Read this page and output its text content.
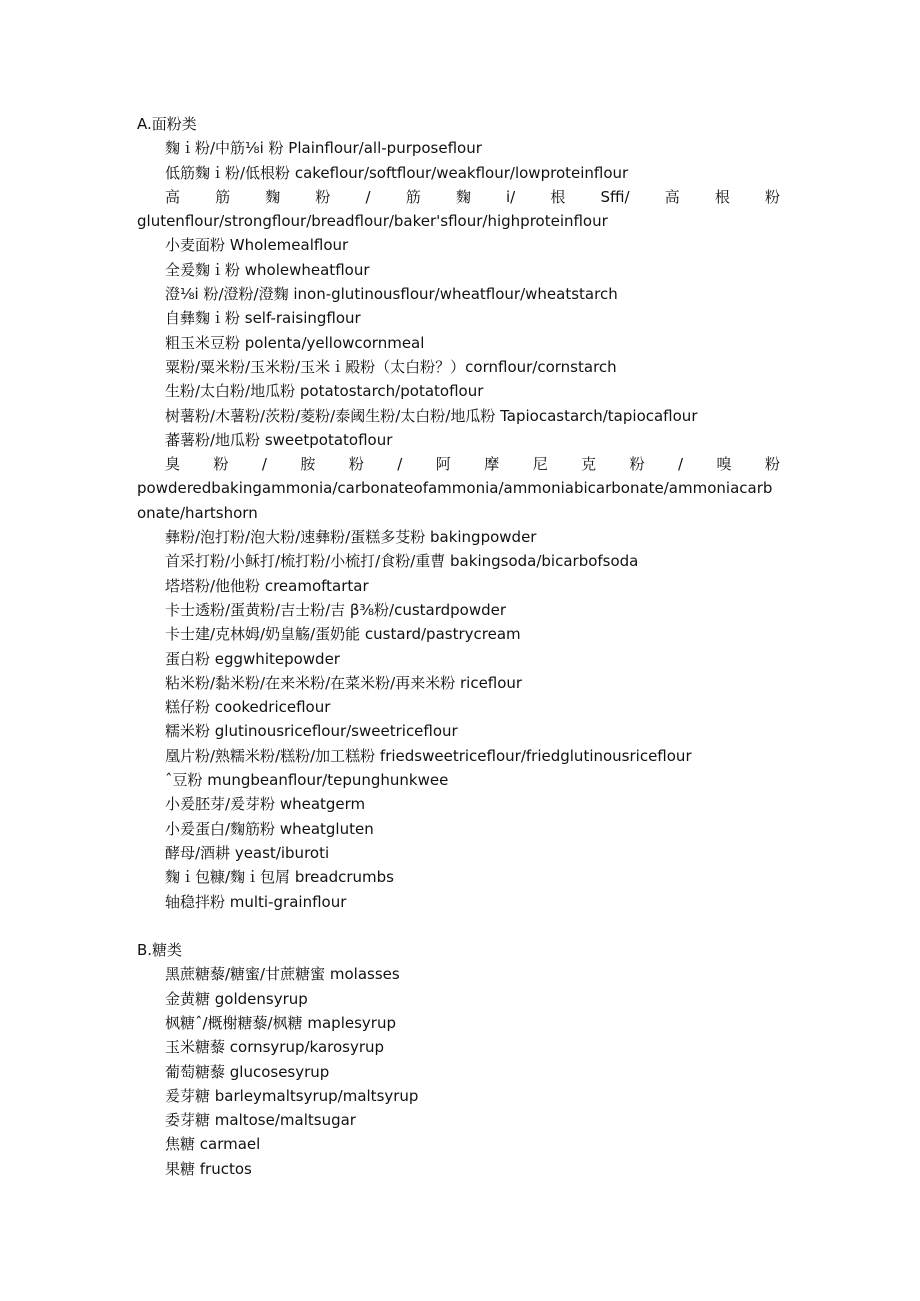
A.面粉类
麴ｉ粉/中筋⅛i 粉 Plainflour/all-purposeflour
低筋麴ｉ粉/低根粉 cakeflour/softflour/weakflour/lowproteinflour
高　筋　麴　粉　/　筋　麴　i/　根　Sffi/　高　根　粉
glutenflour/strongflour/breadflour/baker'sflour/highproteinflour
小麦面粉 Wholemealflour
全爰麴ｉ粉 wholewheatflour
澄⅛i 粉/澄粉/澄麴 inon-glutinousflour/wheatflour/wheatstarch
自彝麴ｉ粉 self-raisingflour
粗玉米豆粉 polenta/yellowcornmeal
粟粉/粟米粉/玉米粉/玉米ｉ殿粉（太白粉？）cornflour/cornstarch
生粉/太白粉/地瓜粉 potatostarch/potatoflour
树薯粉/木薯粉/茨粉/菱粉/泰阈生粉/太白粉/地瓜粉 Tapiocastarch/tapiocaflour
蕃薯粉/地瓜粉 sweetpotatoflour
臭　粉　/　胺　粉　/　阿　摩　尼　克　粉　/　嗅　粉
powderedbakingammonia/carbonateofammonia/ammoniabicarbonate/ammoniacarbonate/hartshorn
彝粉/泡打粉/泡大粉/速彝粉/蛋糕多芟粉 bakingpowder
首采打粉/小稣打/梳打粉/小梳打/食粉/重曹 bakingsoda/bicarbofsoda
塔塔粉/他他粉 creamoftartar
卡士透粉/蛋黄粉/吉士粉/吉 β⅜粉/custardpowder
卡士建/克林姆/奶皇觞/蛋奶能 custard/pastrycream
蛋白粉 eggwhitepowder
粘米粉/黏米粉/在来米粉/在菜米粉/再来米粉 riceflour
糕仔粉 cookedriceflour
糯米粉 glutinousriceflour/sweetriceflour
凰片粉/熟糯米粉/糕粉/加工糕粉 friedsweetriceflour/friedglutinousriceflour
ˆ豆粉 mungbeanflour/tepunghunkwee
小爰胚芽/爰芽粉 wheatgerm
小爰蛋白/麴筋粉 wheatgluten
酵母/酒耕 yeast/iburoti
麴ｉ包糠/麴ｉ包屑 breadcrumbs
轴稳拌粉 multi-grainflour
B.糖类
黑蔗糖藜/糖蜜/甘蔗糖蜜 molasses
金黄糖 goldensyrup
枫糖ˆ/概榭糖藜/枫糖 maplesyrup
玉米糖藜 cornsyrup/karosyrup
葡萄糖藜 glucosesyrup
爰芽糖 barleymaltsyrup/maltsyrup
委芽糖 maltose/maltsugar
焦糖 carmael
果糖 fructos
